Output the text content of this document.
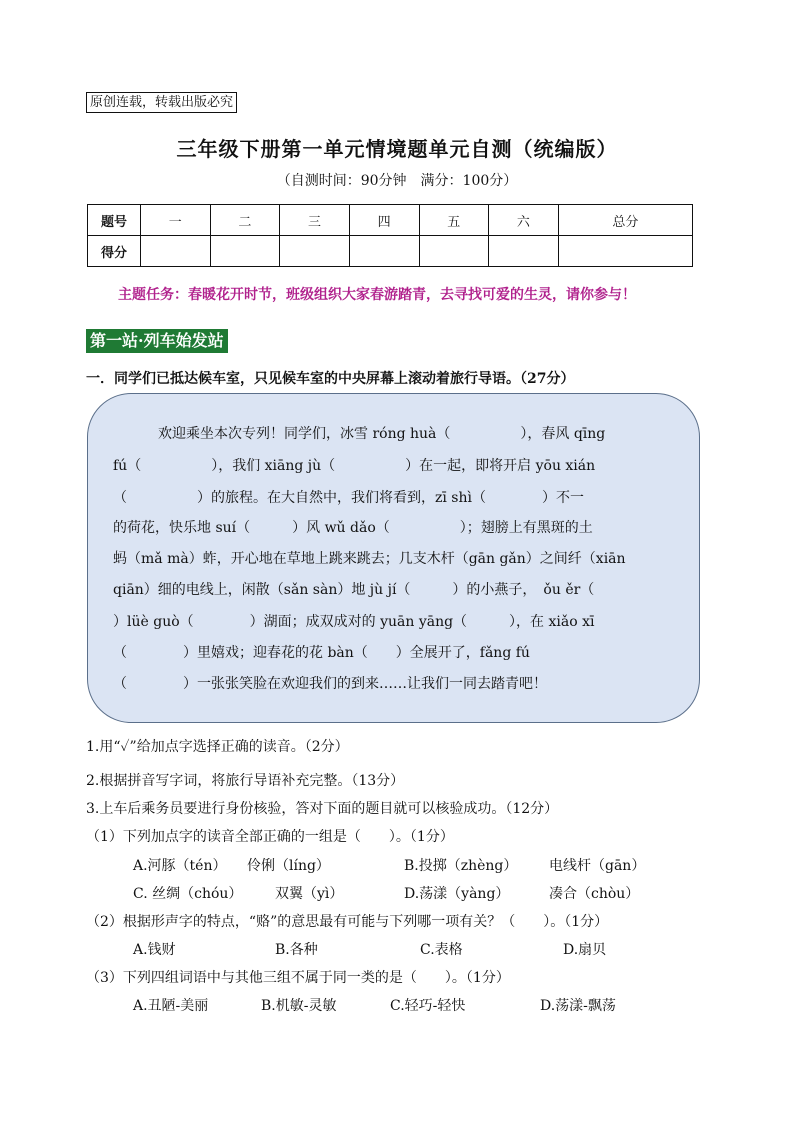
原创连载，转载出版必究
三年级下册第一单元情境题单元自测（统编版）
（自测时间：90分钟　满分：100分）
题号	一	二	三	四	五	六	总分
得分							
主题任务：春暖花开时节，班级组织大家春游踏青，去寻找可爱的生灵，请你参与！
第一站·列车始发站
一．同学们已抵达候车室，只见候车室的中央屏幕上滚动着旅行导语。（27分）
欢迎乘坐本次专列！同学们，冰雪 róng huà（　　　　　），春风 qīng
fú（　　　　　），我们 xiāng jù（　　　　　）在一起，即将开启 yōu xián
（　　　　　）的旅程。在大自然中，我们将看到，zī shì（　　　　）不一
的荷花，快乐地 suí（　　　）风 wǔ dǎo（　　　　　）；翅膀上有黑斑的土
蚂（mǎ mà）蚱，开心地在草地上跳来跳去；几支木杆（gān gǎn）之间纤（xiān
qiān）细的电线上，闲散（sǎn sàn）地 jù jí（　　　）的小燕子，　ǒu ěr（
）lüè guò（　　　　）湖面；成双成对的 yuān yāng（　　　），在 xiǎo xī
（　　　　）里嬉戏；迎春花的花 bàn（　　）全展开了，fǎng fú
（　　　　）一张张笑脸在欢迎我们的到来……让我们一同去踏青吧！
1.用“✓”给加点字选择正确的读音。（2分）
2.根据拼音写字词，将旅行导语补充完整。（13分）
3.上车后乘务员要进行身份核验，答对下面的题目就可以核验成功。（12分）
（1）下列加点字的读音全部正确的一组是（　　）。（1分）
A.河豚（tén） 伶俐（líng）	B.投掷（zhèng） 电线杆（gān）
C. 丝绸（chóu） 双翼（yì）	D.荡漾（yàng）	凑合（chòu）
（2）根据形声字的特点，“赂”的意思最有可能与下列哪一项有关？（　　）。（1分）
A.钱财	B.各种	C.表格	D.扇贝
（3）下列四组词语中与其他三组不属于同一类的是（　　）。（1分）
A.丑陋-美丽	B.机敏-灵敏	C.轻巧-轻快	D.荡漾-飘荡
